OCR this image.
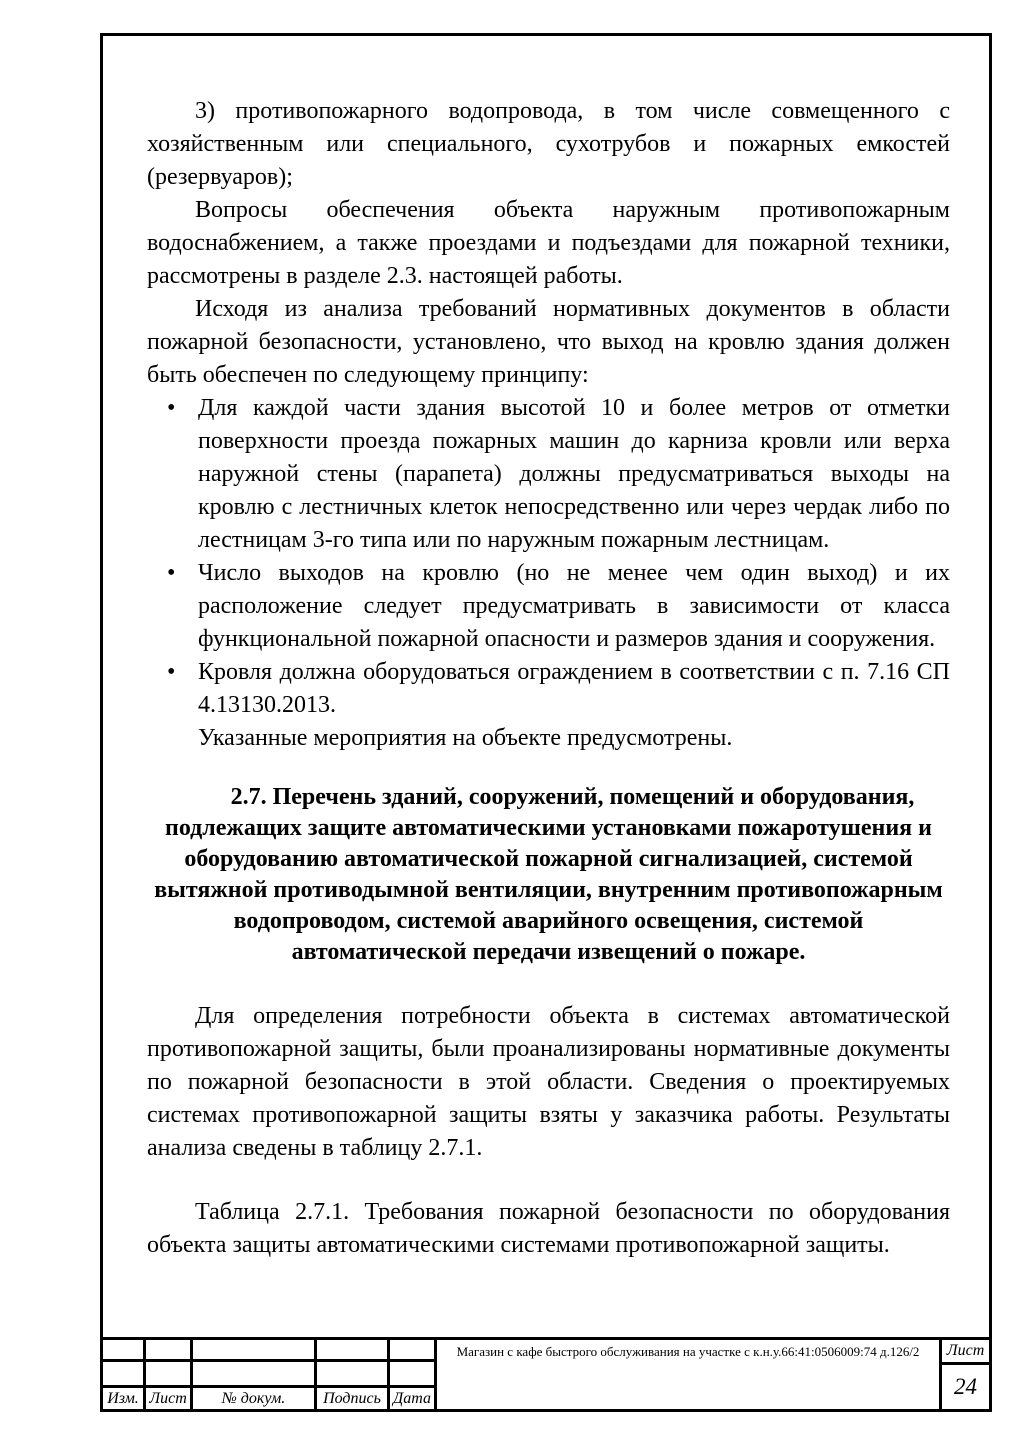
3) противопожарного водопровода, в том числе совмещенного с хозяйственным или специального, сухотрубов и пожарных емкостей (резервуаров);

Вопросы обеспечения объекта наружным противопожарным водоснабжением, а также проездами и подъездами для пожарной техники, рассмотрены в разделе 2.3. настоящей работы.

Исходя из анализа требований нормативных документов в области пожарной безопасности, установлено, что выход на кровлю здания должен быть обеспечен по следующему принципу:

• Для каждой части здания высотой 10 и более метров от отметки поверхности проезда пожарных машин до карниза кровли или верха наружной стены (парапета) должны предусматриваться выходы на кровлю с лестничных клеток непосредственно или через чердак либо по лестницам 3-го типа или по наружным пожарным лестницам.
• Число выходов на кровлю (но не менее чем один выход) и их расположение следует предусматривать в зависимости от класса функциональной пожарной опасности и размеров здания и сооружения.
• Кровля должна оборудоваться ограждением в соответствии с п. 7.16 СП 4.13130.2013.

Указанные мероприятия на объекте предусмотрены.

2.7. Перечень зданий, сооружений, помещений и оборудования,
подлежащих защите автоматическими установками пожаротушения и
оборудованию автоматической пожарной сигнализацией, системой
вытяжной противодымной вентиляции, внутренним противопожарным
водопроводом, системой аварийного освещения, системой
автоматической передачи извещений о пожаре.

Для определения потребности объекта в системах автоматической противопожарной защиты, были проанализированы нормативные документы по пожарной безопасности в этой области. Сведения о проектируемых системах противопожарной защиты взяты у заказчика работы. Результаты анализа сведены в таблицу 2.7.1.

Таблица 2.7.1. Требования пожарной безопасности по оборудования объекта защиты автоматическими системами противопожарной защиты.

Изм. Лист	№ докум.	Подпись Дата
Магазин с кафе быстрого обслуживания на участке с к.н.у.66:41:0506009:74 д.126/2	Лист
24
